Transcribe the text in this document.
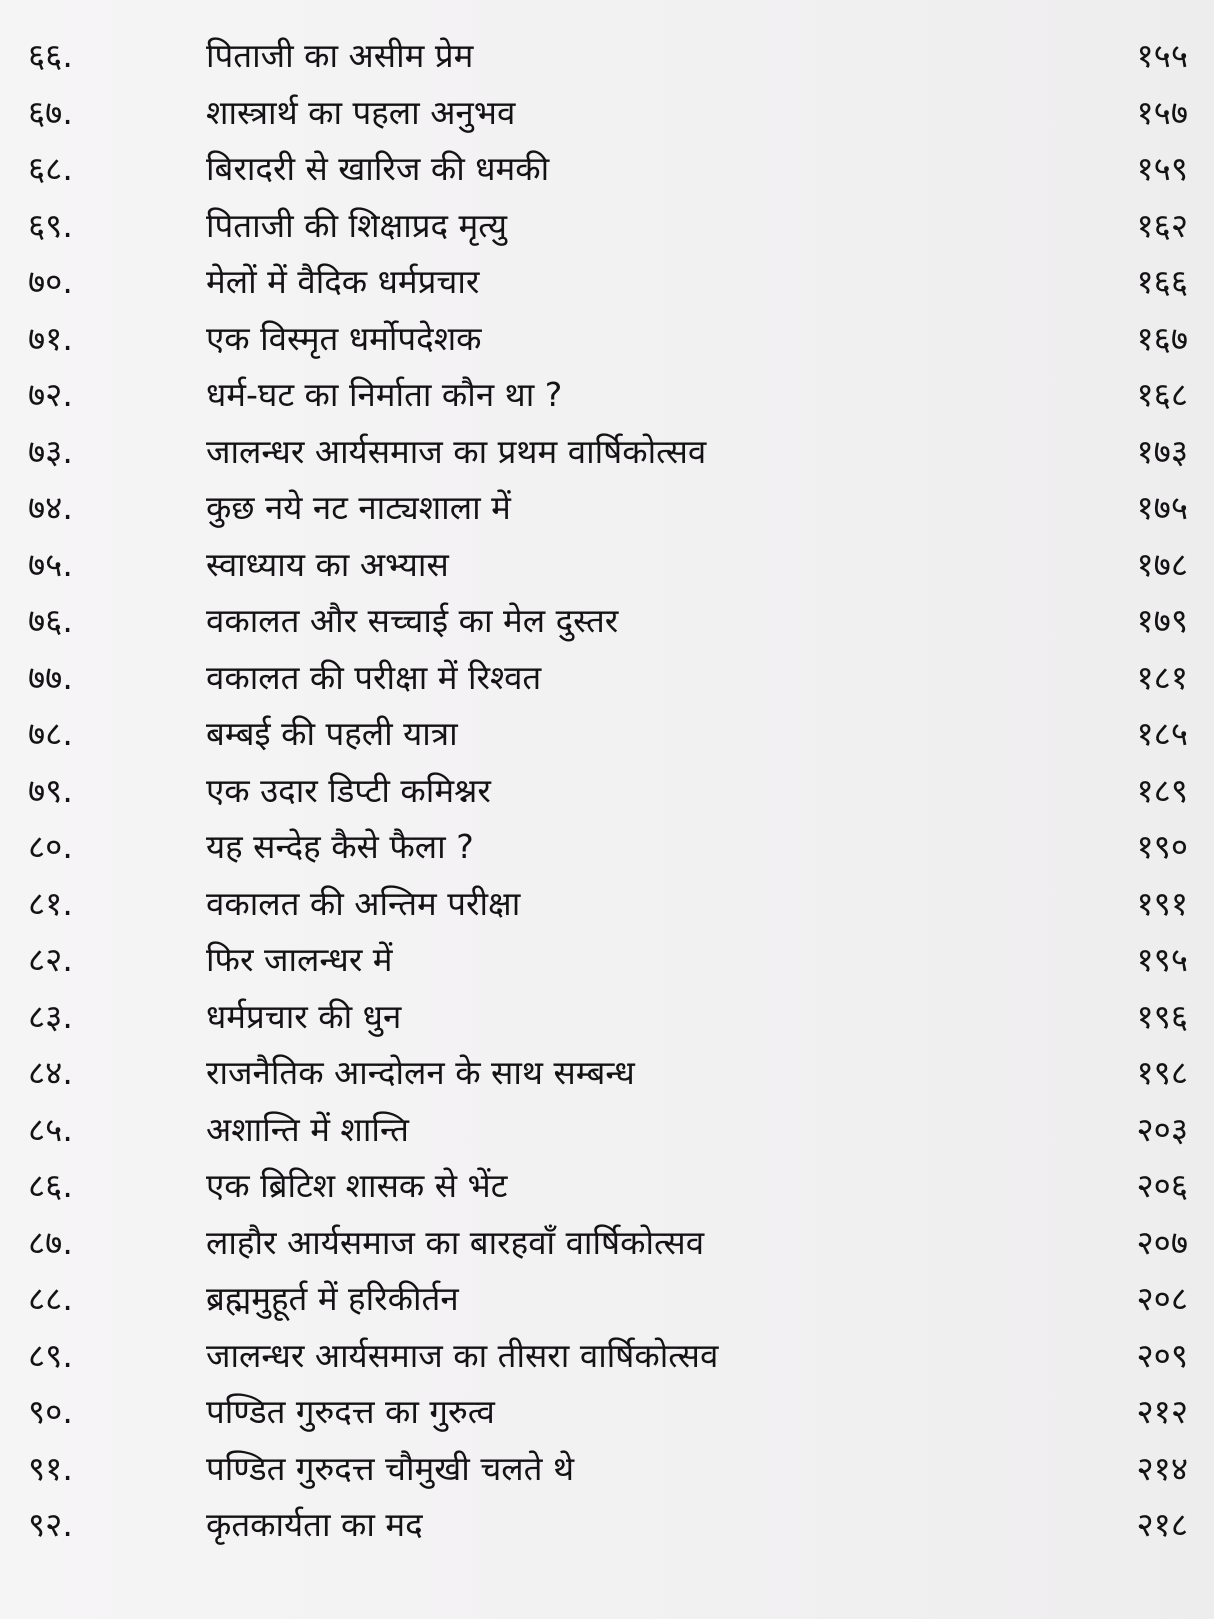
६६.	पिताजी का असीम प्रेम	१५५
६७.	शास्त्रार्थ का पहला अनुभव	१५७
६८.	बिरादरी से खारिज की धमकी	१५९
६९.	पिताजी की शिक्षाप्रद मृत्यु	१६२
७०.	मेलों में वैदिक धर्मप्रचार	१६६
७१.	एक विस्मृत धर्मोपदेशक	१६७
७२.	धर्म-घट का निर्माता कौन था ?	१६८
७३.	जालन्धर आर्यसमाज का प्रथम वार्षिकोत्सव	१७३
७४.	कुछ नये नट नाट्यशाला में	१७५
७५.	स्वाध्याय का अभ्यास	१७८
७६.	वकालत और सच्चाई का मेल दुस्तर	१७९
७७.	वकालत की परीक्षा में रिश्वत	१८१
७८.	बम्बई की पहली यात्रा	१८५
७९.	एक उदार डिप्टी कमिश्नर	१८९
८०.	यह सन्देह कैसे फैला ?	१९०
८१.	वकालत की अन्तिम परीक्षा	१९१
८२.	फिर जालन्धर में	१९५
८३.	धर्मप्रचार की धुन	१९६
८४.	राजनैतिक आन्दोलन के साथ सम्बन्ध	१९८
८५.	अशान्ति में शान्ति	२०३
८६.	एक ब्रिटिश शासक से भेंट	२०६
८७.	लाहौर आर्यसमाज का बारहवाँ वार्षिकोत्सव	२०७
८८.	ब्रह्ममुहूर्त में हरिकीर्तन	२०८
८९.	जालन्धर आर्यसमाज का तीसरा वार्षिकोत्सव	२०९
९०.	पण्डित गुरुदत्त का गुरुत्व	२१२
९१.	पण्डित गुरुदत्त चौमुखी चलते थे	२१४
९२.	कृतकार्यता का मद	२१८
